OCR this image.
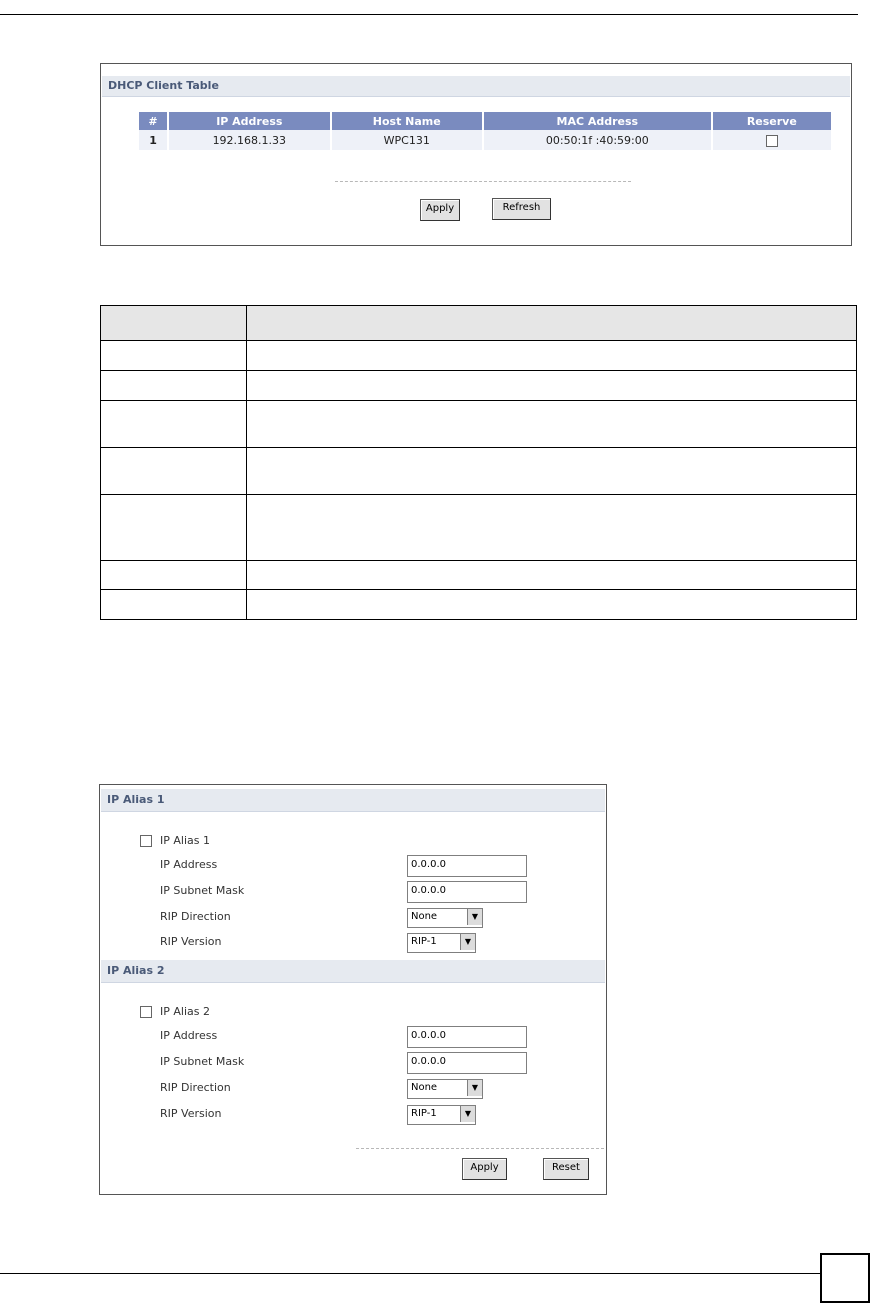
DHCP Client Table
#	IP Address	Host Name	MAC Address	Reserve
1	192.168.1.33	WPC131	00:50:1f :40:59:00	
Apply	Refresh

IP Alias 1
IP Alias 1
IP Address	0.0.0.0
IP Subnet Mask	0.0.0.0
RIP Direction	None	▼
RIP Version	RIP-1	▼
IP Alias 2
IP Alias 2
IP Address	0.0.0.0
IP Subnet Mask	0.0.0.0
RIP Direction	None	▼
RIP Version	RIP-1	▼
Apply	Reset
